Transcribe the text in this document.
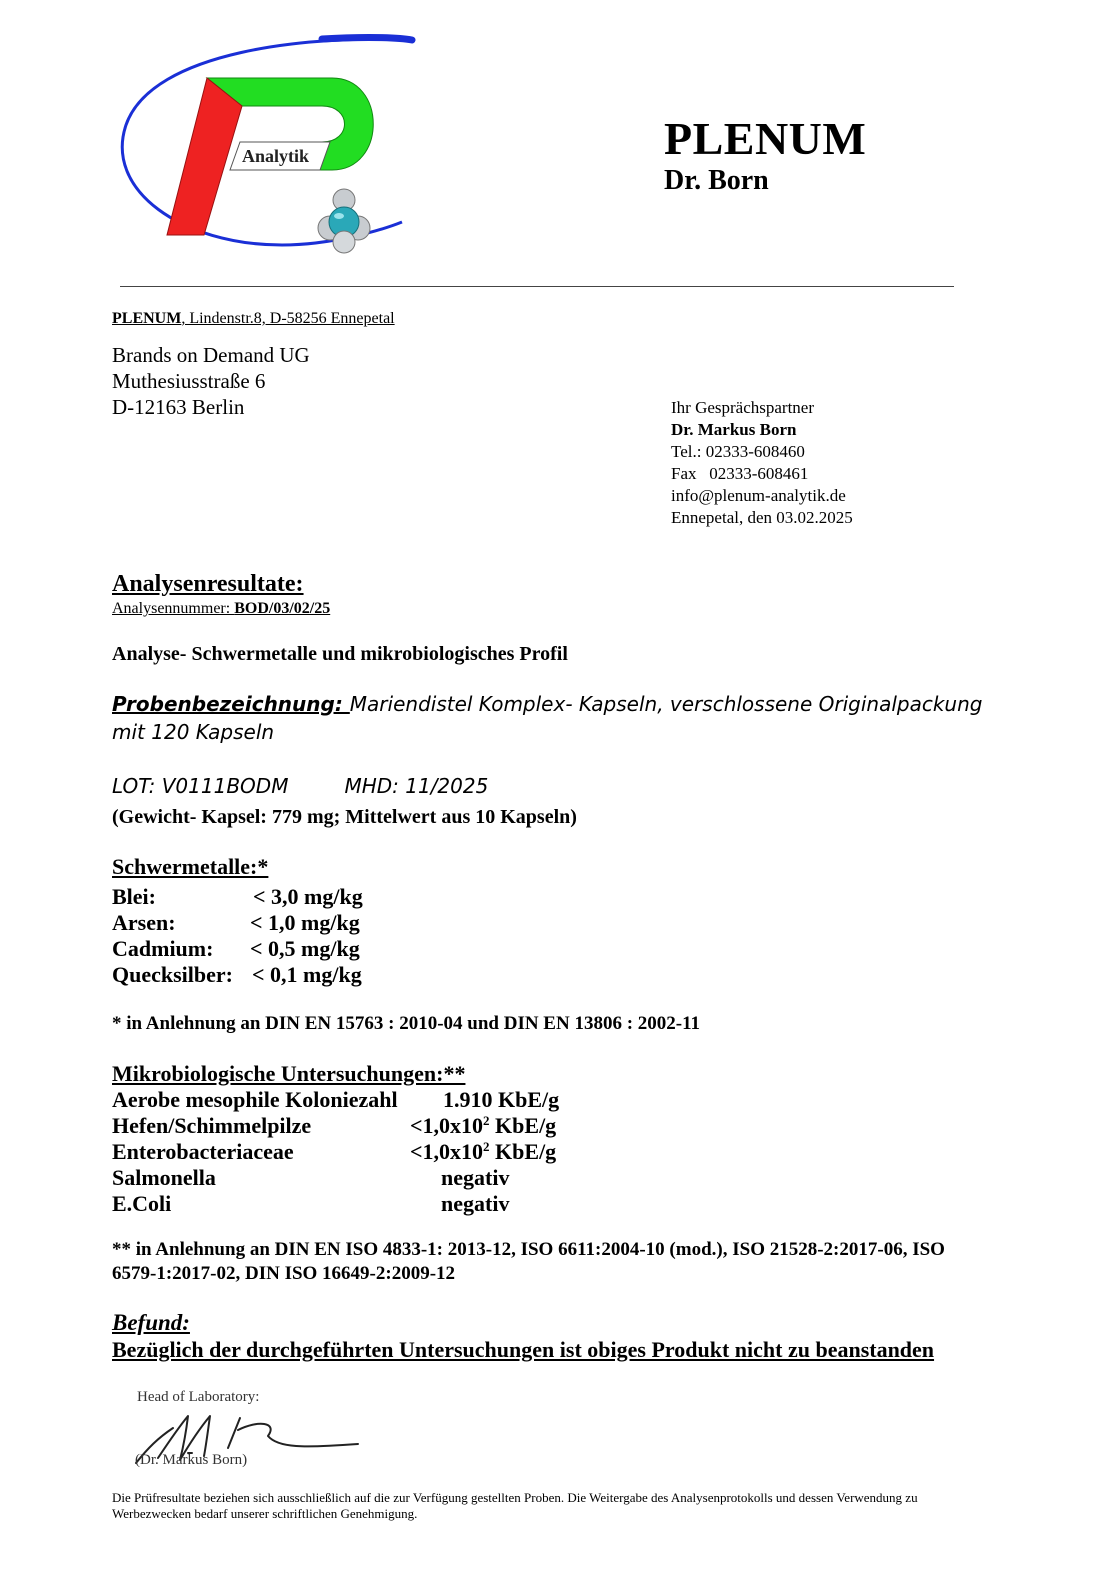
Analytik	PLENUM
Dr. Born
PLENUM, Lindenstr.8, D-58256 Ennepetal
Brands on Demand UG
Muthesiusstraße 6
D-12163 Berlin	Ihr Gesprächspartner
Dr. Markus Born
Tel.: 02333-608460
Fax   02333-608461
info@plenum-analytik.de
Ennepetal, den 03.02.2025
Analysenresultate:
Analysennummer: BOD/03/02/25
Analyse- Schwermetalle und mikrobiologisches Profil
Probenbezeichnung: Mariendistel Komplex- Kapseln, verschlossene Originalpackung mit 120 Kapseln
LOT: V0111BODM	MHD: 11/2025
(Gewicht- Kapsel: 779 mg; Mittelwert aus 10 Kapseln)
Schwermetalle:*
Blei:	< 3,0 mg/kg
Arsen:	< 1,0 mg/kg
Cadmium: < 0,5 mg/kg
Quecksilber: < 0,1 mg/kg
* in Anlehnung an DIN EN 15763 : 2010-04 und DIN EN 13806 : 2002-11
Mikrobiologische Untersuchungen:**
Aerobe mesophile Koloniezahl 1.910 KbE/g
Hefen/Schimmelpilze	$<1,0x10^2$ KbE/g
Enterobacteriaceae	$<1,0x10^2$ KbE/g
Salmonella	negativ
E.Coli	negativ
** in Anlehnung an DIN EN ISO 4833-1: 2013-12, ISO 6611:2004-10 (mod.), ISO 21528-2:2017-06, ISO 6579-1:2017-02, DIN ISO 16649-2:2009-12
Befund:
Bezüglich der durchgeführten Untersuchungen ist obiges Produkt nicht zu beanstanden
Head of Laboratory:
(Dr. Markus Born)
Die Prüfresultate beziehen sich ausschließlich auf die zur Verfügung gestellten Proben. Die Weitergabe des Analysenprotokolls und dessen Verwendung zu Werbezwecken bedarf unserer schriftlichen Genehmigung.
